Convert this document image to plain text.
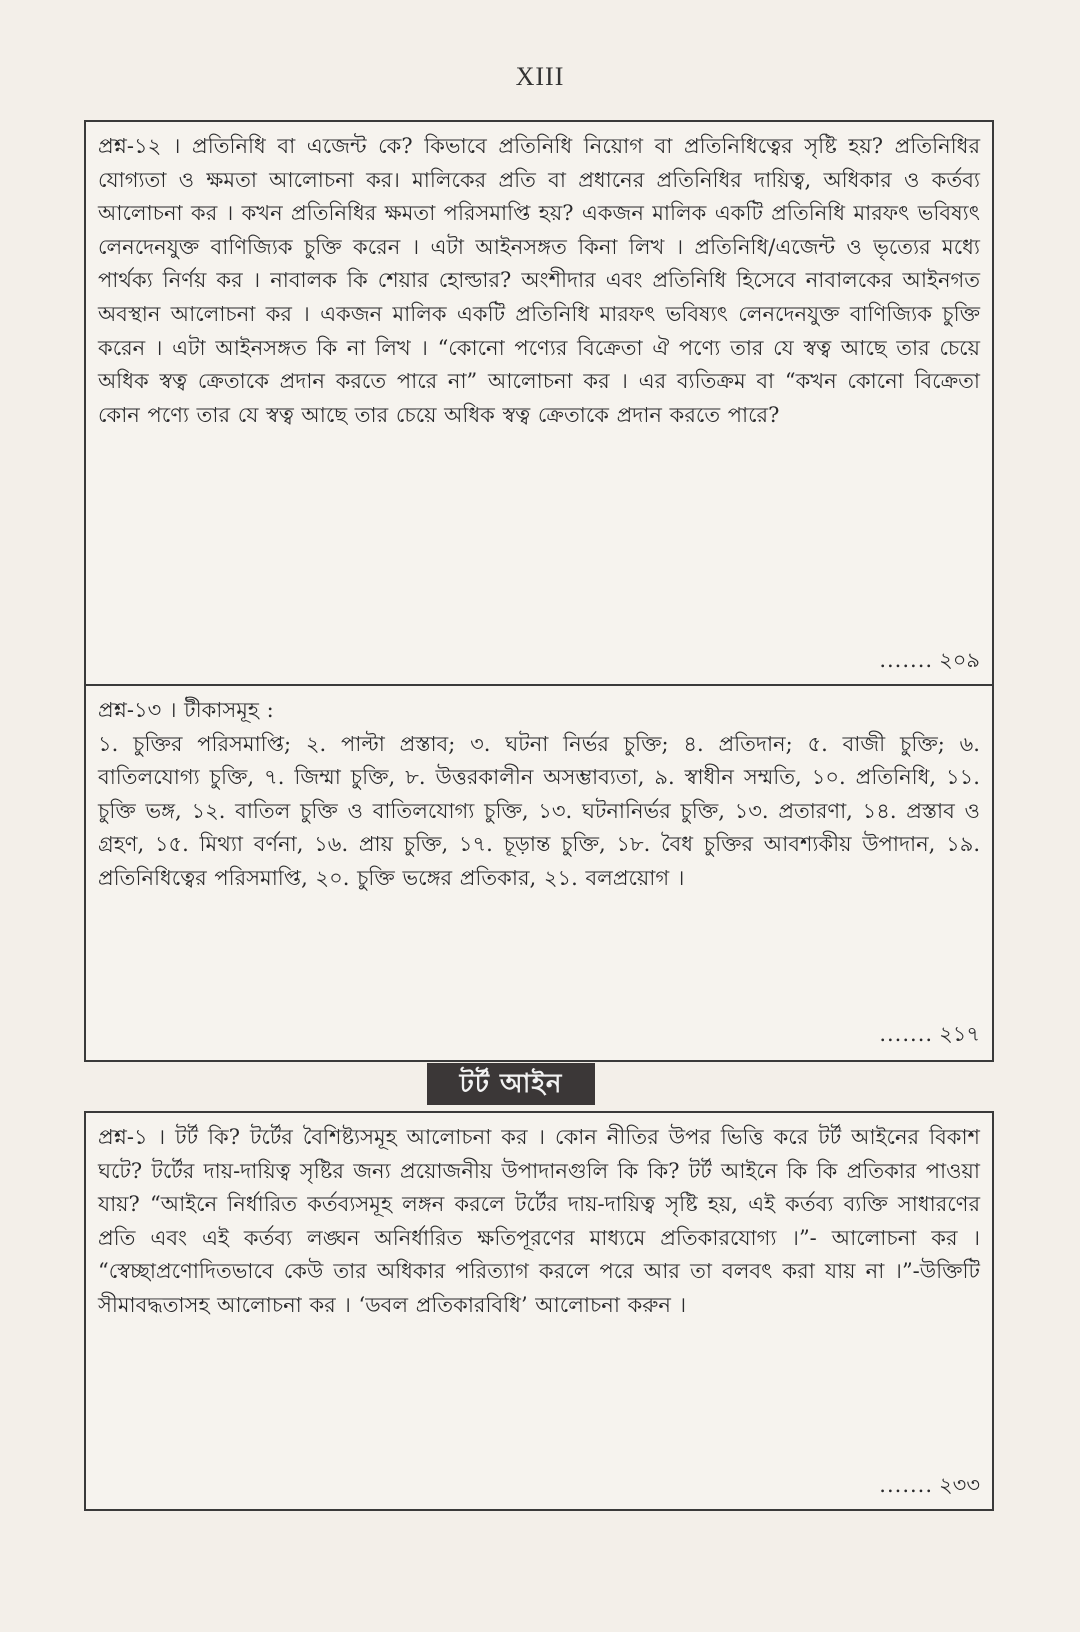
XIII
প্রশ্ন-১২ । প্রতিনিধি বা এজেন্ট কে? কিভাবে প্রতিনিধি নিয়োগ বা প্রতিনিধিত্বের সৃষ্টি হয়? প্রতিনিধির যোগ্যতা ও ক্ষমতা আলোচনা কর। মালিকের প্রতি বা প্রধানের প্রতিনিধির দায়িত্ব, অধিকার ও কর্তব্য আলোচনা কর । কখন প্রতিনিধির ক্ষমতা পরিসমাপ্তি হয়? একজন মালিক একটি প্রতিনিধি মারফৎ ভবিষ্যৎ লেনদেনযুক্ত বাণিজ্যিক চুক্তি করেন । এটা আইনসঙ্গত কিনা লিখ । প্রতিনিধি/এজেন্ট ও ভৃত্যের মধ্যে পার্থক্য নির্ণয় কর । নাবালক কি শেয়ার হোল্ডার? অংশীদার এবং প্রতিনিধি হিসেবে নাবালকের আইনগত অবস্থান আলোচনা কর । একজন মালিক একটি প্রতিনিধি মারফৎ ভবিষ্যৎ লেনদেনযুক্ত বাণিজ্যিক চুক্তি করেন । এটা আইনসঙ্গত কি না লিখ । “কোনো পণ্যের বিক্রেতা ঐ পণ্যে তার যে স্বত্ব আছে তার চেয়ে অধিক স্বত্ব ক্রেতাকে প্রদান করতে পারে না” আলোচনা কর । এর ব্যতিক্রম বা “কখন কোনো বিক্রেতা কোন পণ্যে তার যে স্বত্ব আছে তার চেয়ে অধিক স্বত্ব ক্রেতাকে প্রদান করতে পারে?
....... ২০৯
প্রশ্ন-১৩ । টীকাসমূহ :
১. চুক্তির পরিসমাপ্তি; ২. পাল্টা প্রস্তাব; ৩. ঘটনা নির্ভর চুক্তি; ৪. প্রতিদান; ৫. বাজী চুক্তি; ৬. বাতিলযোগ্য চুক্তি, ৭. জিম্মা চুক্তি, ৮. উত্তরকালীন অসম্ভাব্যতা, ৯. স্বাধীন সম্মতি, ১০. প্রতিনিধি, ১১. চুক্তি ভঙ্গ, ১২. বাতিল চুক্তি ও বাতিলযোগ্য চুক্তি, ১৩. ঘটনানির্ভর চুক্তি, ১৩. প্রতারণা, ১৪. প্রস্তাব ও গ্রহণ, ১৫. মিথ্যা বর্ণনা, ১৬. প্রায় চুক্তি, ১৭. চূড়ান্ত চুক্তি, ১৮. বৈধ চুক্তির আবশ্যকীয় উপাদান, ১৯. প্রতিনিধিত্বের পরিসমাপ্তি, ২০. চুক্তি ভঙ্গের প্রতিকার, ২১. বলপ্রয়োগ ।
....... ২১৭
টর্ট আইন
প্রশ্ন-১ । টর্ট কি? টর্টের বৈশিষ্ট্যসমূহ আলোচনা কর । কোন নীতির উপর ভিত্তি করে টর্ট আইনের বিকাশ ঘটে? টর্টের দায়-দায়িত্ব সৃষ্টির জন্য প্রয়োজনীয় উপাদানগুলি কি কি? টর্ট আইনে কি কি প্রতিকার পাওয়া যায়? “আইনে নির্ধারিত কর্তব্যসমূহ লঙ্গন করলে টর্টের দায়-দায়িত্ব সৃষ্টি হয়, এই কর্তব্য ব্যক্তি সাধারণের প্রতি এবং এই কর্তব্য লঙ্ঘন অনির্ধারিত ক্ষতিপূরণের মাধ্যমে প্রতিকারযোগ্য ।”- আলোচনা কর । “স্বেচ্ছাপ্রণোদিতভাবে কেউ তার অধিকার পরিত্যাগ করলে পরে আর তা বলবৎ করা যায় না ।”-উক্তিটি সীমাবদ্ধতাসহ আলোচনা কর । ‘ডবল প্রতিকারবিধি’ আলোচনা করুন ।
....... ২৩৩
